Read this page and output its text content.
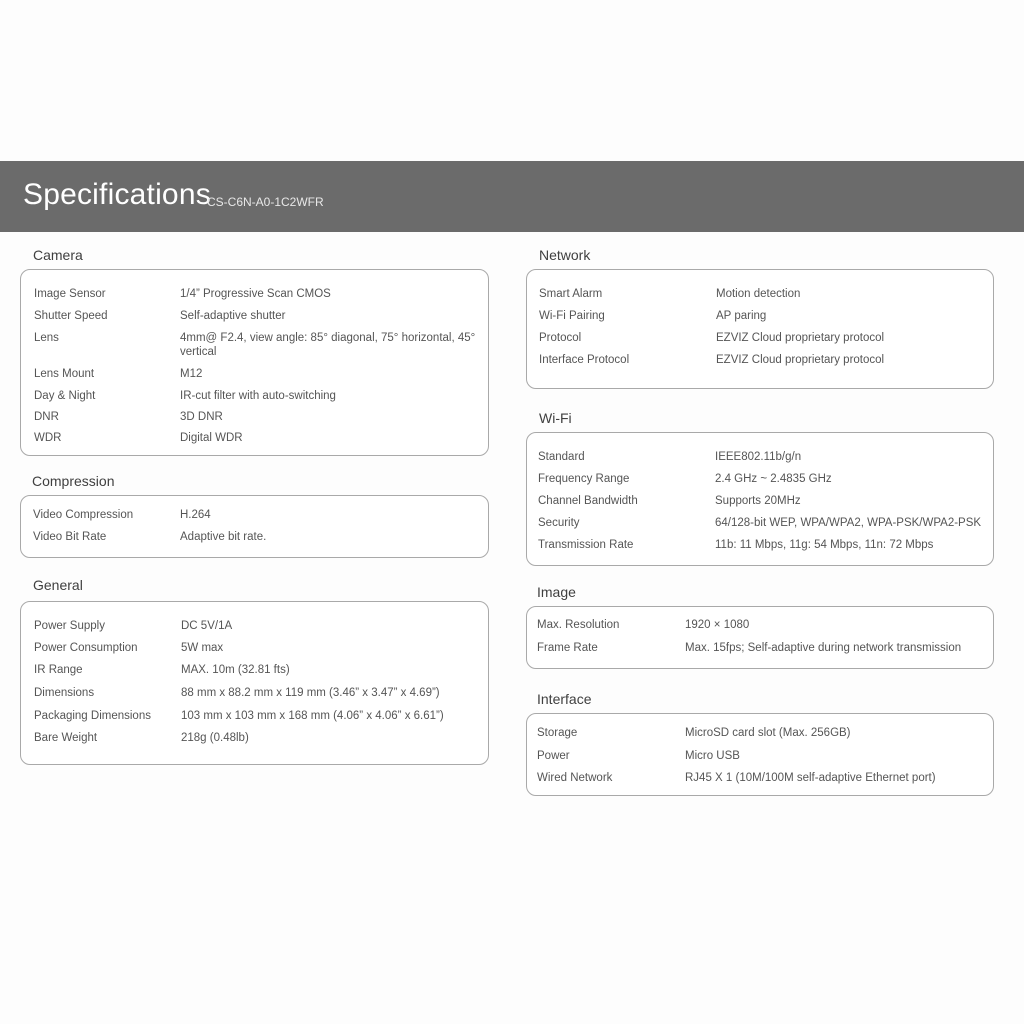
Specifications
CS-C6N-A0-1C2WFR
Camera
Image Sensor	1/4” Progressive Scan CMOS
Shutter Speed	Self-adaptive shutter
Lens	4mm@ F2.4, view angle: 85° diagonal, 75° horizontal, 45° vertical
Lens Mount	M12
Day & Night	IR-cut filter with auto-switching
DNR	3D DNR
WDR	Digital WDR
Compression
Video Compression	H.264
Video Bit Rate	Adaptive bit rate.
General
Power Supply	DC 5V/1A
Power Consumption	5W max
IR Range	MAX. 10m (32.81 fts)
Dimensions	88 mm x 88.2 mm x 119 mm (3.46” x 3.47” x 4.69”)
Packaging Dimensions	103 mm x 103 mm x 168 mm (4.06” x 4.06” x 6.61”)
Bare Weight	218g (0.48lb)
Network
Smart Alarm	Motion detection
Wi-Fi Pairing	AP paring
Protocol	EZVIZ Cloud proprietary protocol
Interface Protocol	EZVIZ Cloud proprietary protocol
Wi-Fi
Standard	IEEE802.11b/g/n
Frequency Range	2.4 GHz ~ 2.4835 GHz
Channel Bandwidth	Supports 20MHz
Security	64/128-bit WEP, WPA/WPA2, WPA-PSK/WPA2-PSK
Transmission Rate	11b: 11 Mbps, 11g: 54 Mbps, 11n: 72 Mbps
Image
Max. Resolution	1920 × 1080
Frame Rate	Max. 15fps; Self-adaptive during network transmission
Interface
Storage	MicroSD card slot (Max. 256GB)
Power	Micro USB
Wired Network	RJ45 X 1 (10M/100M self-adaptive Ethernet port)
